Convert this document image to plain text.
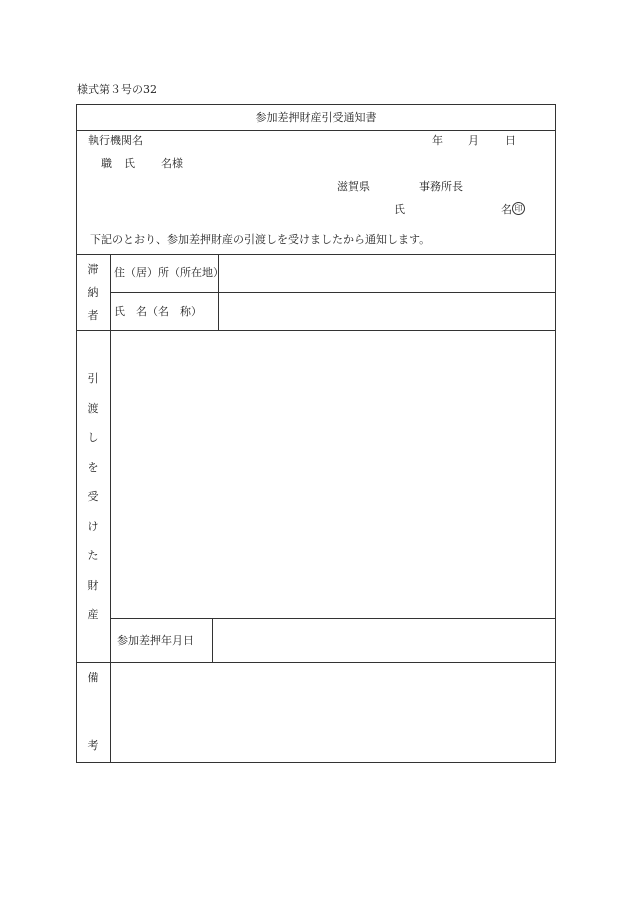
様式第３号の32
参加差押財産引受通知書
執行機関名	年 月 日
職 氏 名様
滋賀県	事務所長
氏	名 印
下記のとおり、参加差押財産の引渡しを受けましたから通知します。
滞
納
者
住（居）所（所在地）
氏　名（名　称）
引
渡
し
を
受
け
た
財
産
参加差押年月日
備
考
